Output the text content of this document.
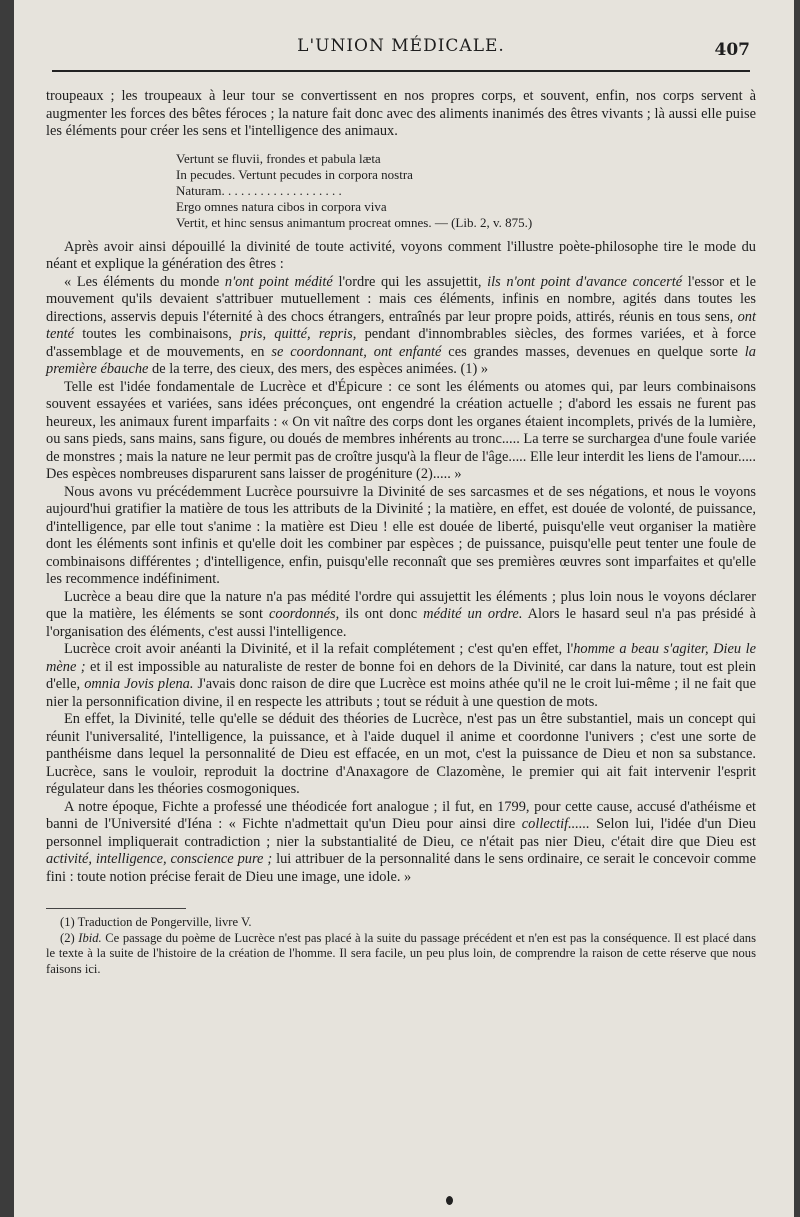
L'UNION MÉDICALE.	407

troupeaux ; les troupeaux à leur tour se convertissent en nos propres corps, et souvent, enfin, nos corps servent à augmenter les forces des bêtes féroces ; la nature fait donc avec des aliments inanimés des êtres vivants ; là aussi elle puise les éléments pour créer les sens et l'intelligence des animaux.

Vertunt se fluvii, frondes et pabula læta
In pecudes. Vertunt pecudes in corpora nostra
Naturam. . . . . . . . . . . . . . . . . . .
Ergo omnes natura cibos in corpora viva
Vertit, et hinc sensus animantum procreat omnes. — (Lib. 2, v. 875.)

Après avoir ainsi dépouillé la divinité de toute activité, voyons comment l'illustre poète-philosophe tire le mode du néant et explique la génération des êtres :

« Les éléments du monde n'ont point médité l'ordre qui les assujettit, ils n'ont point d'avance concerté l'essor et le mouvement qu'ils devaient s'attribuer mutuellement : mais ces éléments, infinis en nombre, agités dans toutes les directions, asservis depuis l'éternité à des chocs étrangers, entraînés par leur propre poids, attirés, réunis en tous sens, ont tenté toutes les combinaisons, pris, quitté, repris, pendant d'innombrables siècles, des formes variées, et à force d'assemblage et de mouvements, en se coordonnant, ont enfanté ces grandes masses, devenues en quelque sorte la première ébauche de la terre, des cieux, des mers, des espèces animées. (1) »

Telle est l'idée fondamentale de Lucrèce et d'Épicure : ce sont les éléments ou atomes qui, par leurs combinaisons souvent essayées et variées, sans idées préconçues, ont engendré la création actuelle ; d'abord les essais ne furent pas heureux, les animaux furent imparfaits : « On vit naître des corps dont les organes étaient incomplets, privés de la lumière, ou sans pieds, sans mains, sans figure, ou doués de membres inhérents au tronc..... La terre se surchargea d'une foule variée de monstres ; mais la nature ne leur permit pas de croître jusqu'à la fleur de l'âge..... Elle leur interdit les liens de l'amour..... Des espèces nombreuses disparurent sans laisser de progéniture (2)..... »

Nous avons vu précédemment Lucrèce poursuivre la Divinité de ses sarcasmes et de ses négations, et nous le voyons aujourd'hui gratifier la matière de tous les attributs de la Divinité ; la matière, en effet, est douée de volonté, de puissance, d'intelligence, par elle tout s'anime : la matière est Dieu ! elle est douée de liberté, puisqu'elle veut organiser la matière dont les éléments sont infinis et qu'elle doit les combiner par espèces ; de puissance, puisqu'elle peut tenter une foule de combinaisons différentes ; d'intelligence, enfin, puisqu'elle reconnaît que ses premières œuvres sont imparfaites et qu'elle les recommence indéfiniment.

Lucrèce a beau dire que la nature n'a pas médité l'ordre qui assujettit les éléments ; plus loin nous le voyons déclarer que la matière, les éléments se sont coordonnés, ils ont donc médité un ordre. Alors le hasard seul n'a pas présidé à l'organisation des éléments, c'est aussi l'intelligence.

Lucrèce croit avoir anéanti la Divinité, et il la refait complétement ; c'est qu'en effet, l'homme a beau s'agiter, Dieu le mène ; et il est impossible au naturaliste de rester de bonne foi en dehors de la Divinité, car dans la nature, tout est plein d'elle, omnia Jovis plena. J'avais donc raison de dire que Lucrèce est moins athée qu'il ne le croit lui-même ; il ne fait que nier la personnification divine, il en respecte les attributs ; tout se réduit à une question de mots.

En effet, la Divinité, telle qu'elle se déduit des théories de Lucrèce, n'est pas un être substantiel, mais un concept qui réunit l'universalité, l'intelligence, la puissance, et à l'aide duquel il anime et coordonne l'univers ; c'est une sorte de panthéisme dans lequel la personnalité de Dieu est effacée, en un mot, c'est la puissance de Dieu et non sa substance. Lucrèce, sans le vouloir, reproduit la doctrine d'Anaxagore de Clazomène, le premier qui ait fait intervenir l'esprit régulateur dans les théories cosmogoniques.

A notre époque, Fichte a professé une théodicée fort analogue ; il fut, en 1799, pour cette cause, accusé d'athéisme et banni de l'Université d'Iéna : « Fichte n'admettait qu'un Dieu pour ainsi dire collectif...... Selon lui, l'idée d'un Dieu personnel impliquerait contradiction ; nier la substantialité de Dieu, ce n'était pas nier Dieu, c'était dire que Dieu est activité, intelligence, conscience pure ; lui attribuer de la personnalité dans le sens ordinaire, ce serait le concevoir comme fini : toute notion précise ferait de Dieu une image, une idole. »

(1) Traduction de Pongerville, livre V.

(2) Ibid. Ce passage du poème de Lucrèce n'est pas placé à la suite du passage précédent et n'en est pas la conséquence. Il est placé dans le texte à la suite de l'histoire de la création de l'homme. Il sera facile, un peu plus loin, de comprendre la raison de cette réserve que nous faisons ici.
